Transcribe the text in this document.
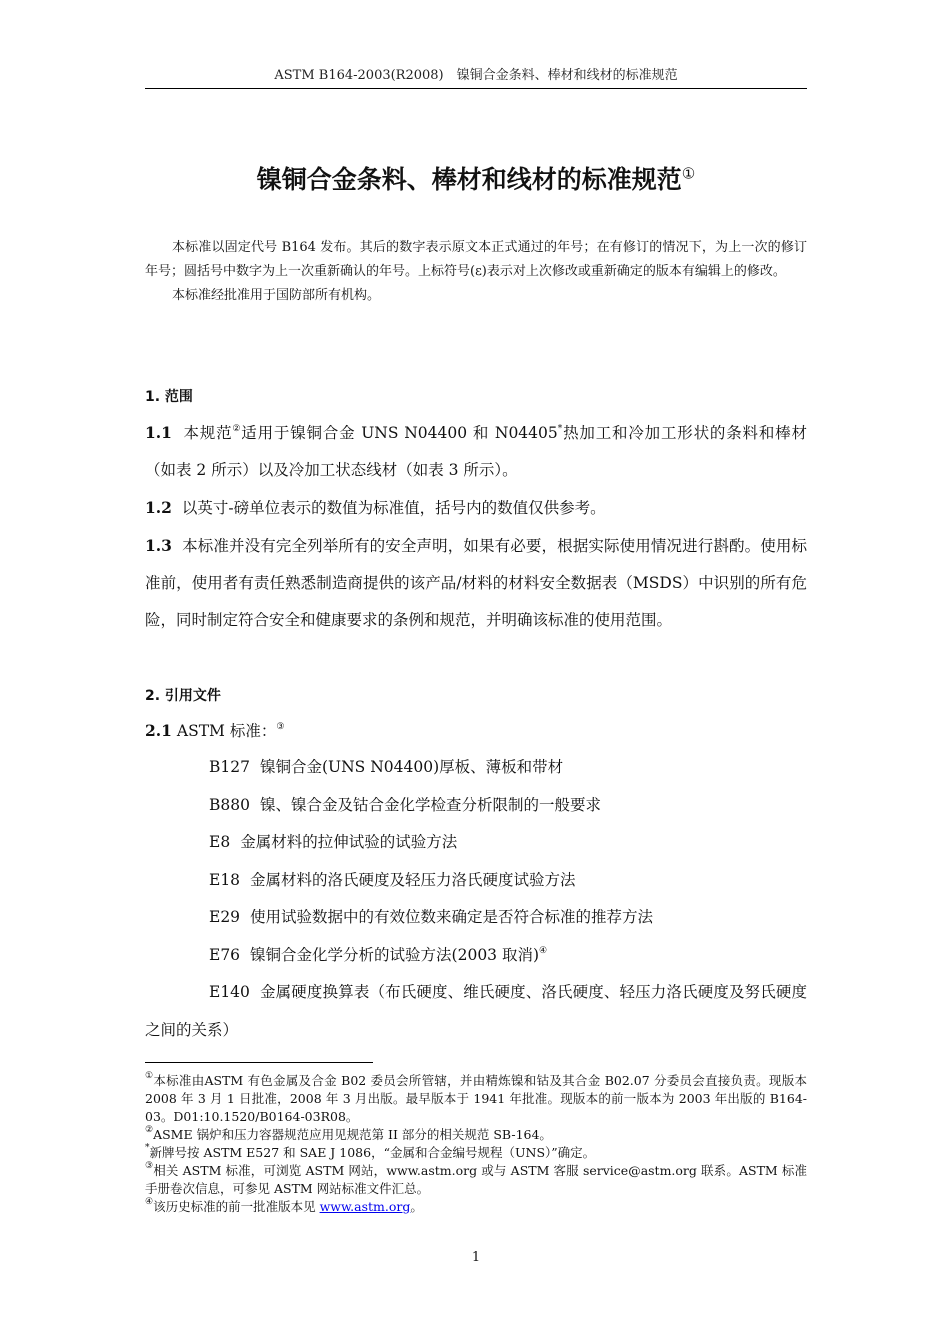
ASTM B164-2003(R2008)　镍铜合金条料、棒材和线材的标准规范
镍铜合金条料、棒材和线材的标准规范①

本标准以固定代号 B164 发布。其后的数字表示原文本正式通过的年号；在有修订的情况下，为上一次的修订年号；圆括号中数字为上一次重新确认的年号。上标符号(ε)表示对上次修改或重新确定的版本有编辑上的修改。

本标准经批准用于国防部所有机构。

1. 范围

1.1 本规范②适用于镍铜合金 UNS N04400 和 N04405*热加工和冷加工形状的条料和棒材（如表 2 所示）以及冷加工状态线材（如表 3 所示）。

1.2 以英寸-磅单位表示的数值为标准值，括号内的数值仅供参考。

1.3 本标准并没有完全列举所有的安全声明，如果有必要，根据实际使用情况进行斟酌。使用标准前，使用者有责任熟悉制造商提供的该产品/材料的材料安全数据表（MSDS）中识别的所有危险，同时制定符合安全和健康要求的条例和规范，并明确该标准的使用范围。

2. 引用文件

2.1 ASTM 标准：③

B127 镍铜合金(UNS N04400)厚板、薄板和带材

B880 镍、镍合金及钴合金化学检查分析限制的一般要求

E8 金属材料的拉伸试验的试验方法

E18 金属材料的洛氏硬度及轻压力洛氏硬度试验方法

E29 使用试验数据中的有效位数来确定是否符合标准的推荐方法

E76 镍铜合金化学分析的试验方法(2003 取消)④

E140 金属硬度换算表（布氏硬度、维氏硬度、洛氏硬度、轻压力洛氏硬度及努氏硬度之间的关系）

①本标准由ASTM 有色金属及合金 B02 委员会所管辖，并由精炼镍和钴及其合金 B02.07 分委员会直接负责。现版本 2008 年 3 月 1 日批准，2008 年 3 月出版。最早版本于 1941 年批准。现版本的前一版本为 2003 年出版的 B164-03。D01:10.1520/B0164-03R08。

②ASME 锅炉和压力容器规范应用见规范第 II 部分的相关规范 SB-164。

*新牌号按 ASTM E527 和 SAE J 1086，“金属和合金编号规程（UNS）”确定。

③相关 ASTM 标准，可浏览 ASTM 网站，www.astm.org 或与 ASTM 客服 service@astm.org 联系。ASTM 标准手册卷次信息，可参见 ASTM 网站标准文件汇总。

④该历史标准的前一批准版本见 www.astm.org。

1
